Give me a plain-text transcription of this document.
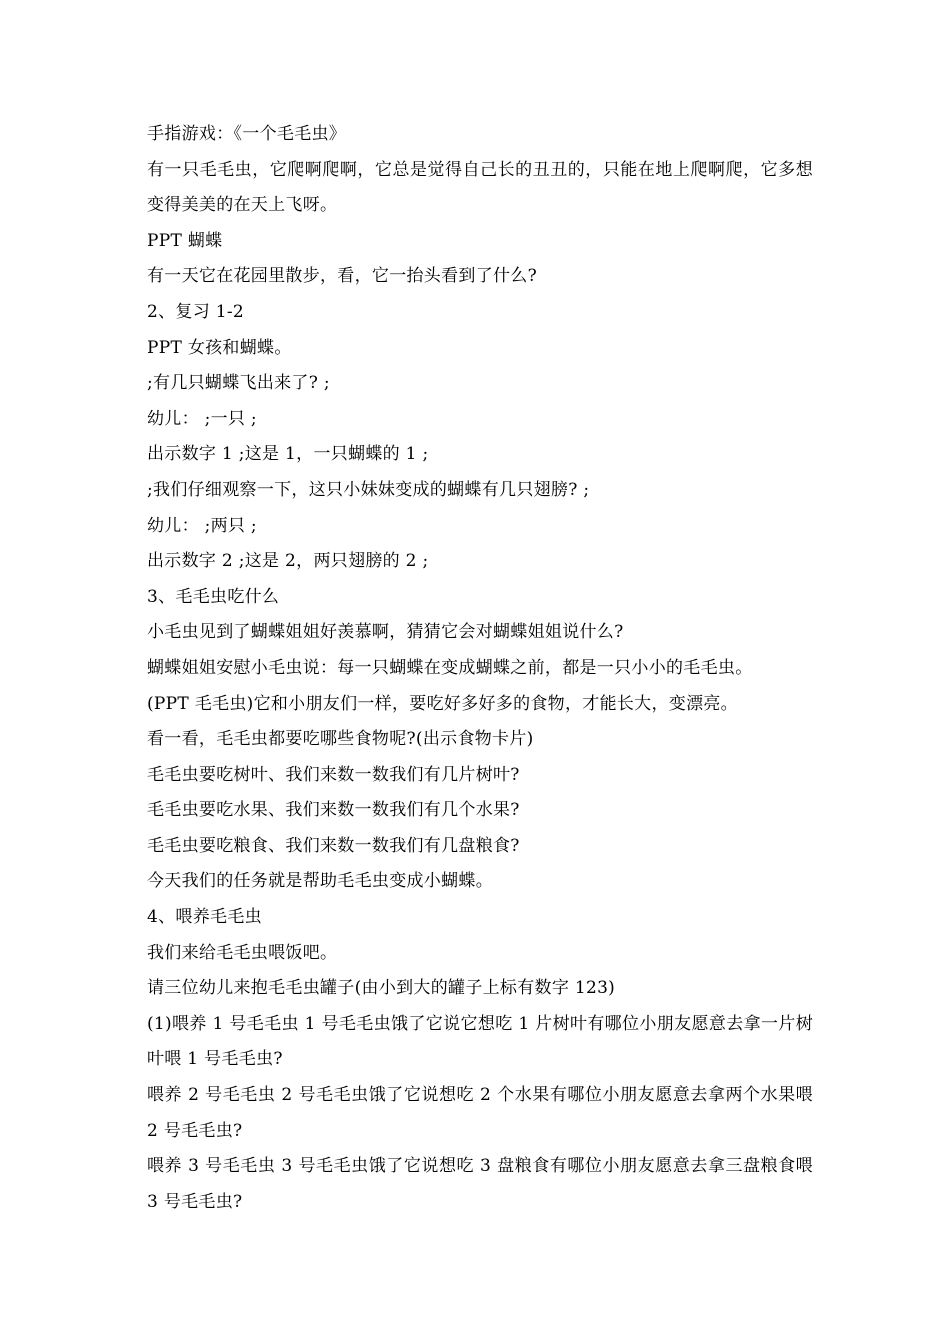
手指游戏：《一个毛毛虫》
有一只毛毛虫，它爬啊爬啊，它总是觉得自己长的丑丑的，只能在地上爬啊爬，它多想变得美美的在天上飞呀。
PPT 蝴蝶
有一天它在花园里散步，看，它一抬头看到了什么?
2、复习 1-2
PPT 女孩和蝴蝶。
;有几只蝴蝶飞出来了? ;
幼儿： ;一只 ;
出示数字 1 ;这是 1，一只蝴蝶的 1 ;
;我们仔细观察一下，这只小妹妹变成的蝴蝶有几只翅膀? ;
幼儿： ;两只 ;
出示数字 2 ;这是 2，两只翅膀的 2 ;
3、毛毛虫吃什么
小毛虫见到了蝴蝶姐姐好羡慕啊，猜猜它会对蝴蝶姐姐说什么?
蝴蝶姐姐安慰小毛虫说：每一只蝴蝶在变成蝴蝶之前，都是一只小小的毛毛虫。
(PPT 毛毛虫)它和小朋友们一样，要吃好多好多的食物，才能长大，变漂亮。
看一看，毛毛虫都要吃哪些食物呢?(出示食物卡片)
毛毛虫要吃树叶、我们来数一数我们有几片树叶?
毛毛虫要吃水果、我们来数一数我们有几个水果?
毛毛虫要吃粮食、我们来数一数我们有几盘粮食?
今天我们的任务就是帮助毛毛虫变成小蝴蝶。
4、喂养毛毛虫
我们来给毛毛虫喂饭吧。
请三位幼儿来抱毛毛虫罐子(由小到大的罐子上标有数字 123)
(1)喂养 1 号毛毛虫 1 号毛毛虫饿了它说它想吃 1 片树叶有哪位小朋友愿意去拿一片树叶喂 1 号毛毛虫?
喂养 2 号毛毛虫 2 号毛毛虫饿了它说想吃 2 个水果有哪位小朋友愿意去拿两个水果喂 2 号毛毛虫?
喂养 3 号毛毛虫 3 号毛毛虫饿了它说想吃 3 盘粮食有哪位小朋友愿意去拿三盘粮食喂 3 号毛毛虫?
